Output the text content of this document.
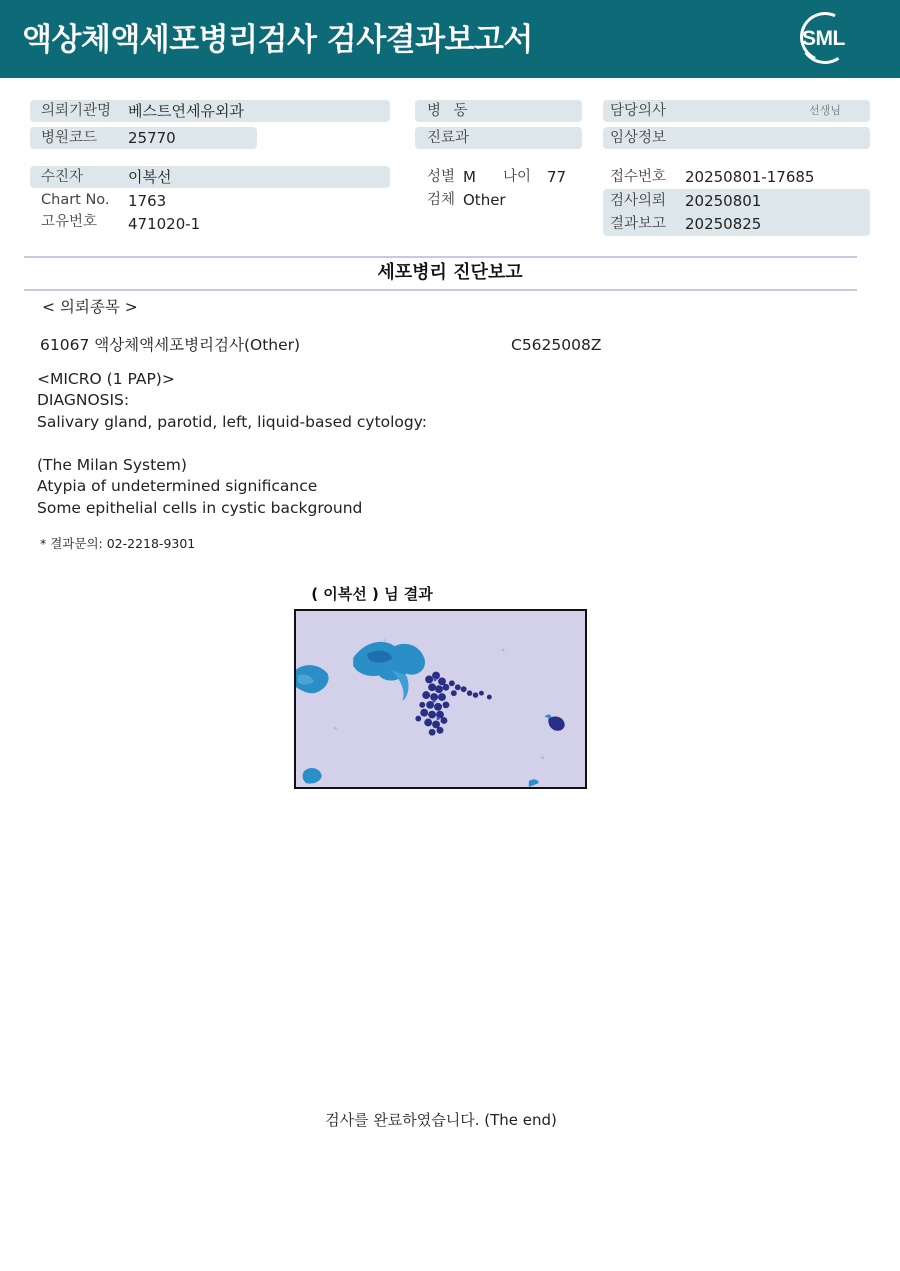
액상체액세포병리검사 검사결과보고서	SML
의뢰기관명 베스트연세유외과
병원코드 25770
수진자	이복선
Chart No. 1763
고유번호 471020-1
병 동
진료과
성별 M 나이 77
검체 Other
담당의사	선생님
임상정보
접수번호 20250801-17685
검사의뢰 20250801
결과보고 20250825
세포병리 진단보고
< 의뢰종목 >
61067 액상체액세포병리검사(Other)	C5625008Z
<MICRO (1 PAP)>
DIAGNOSIS:
Salivary gland, parotid, left, liquid-based cytology:
(The Milan System)
Atypia of undetermined significance
Some epithelial cells in cystic background
* 결과문의: 02-2218-9301
( 이복선 ) 님 결과
검사를 완료하였습니다. (The end)
